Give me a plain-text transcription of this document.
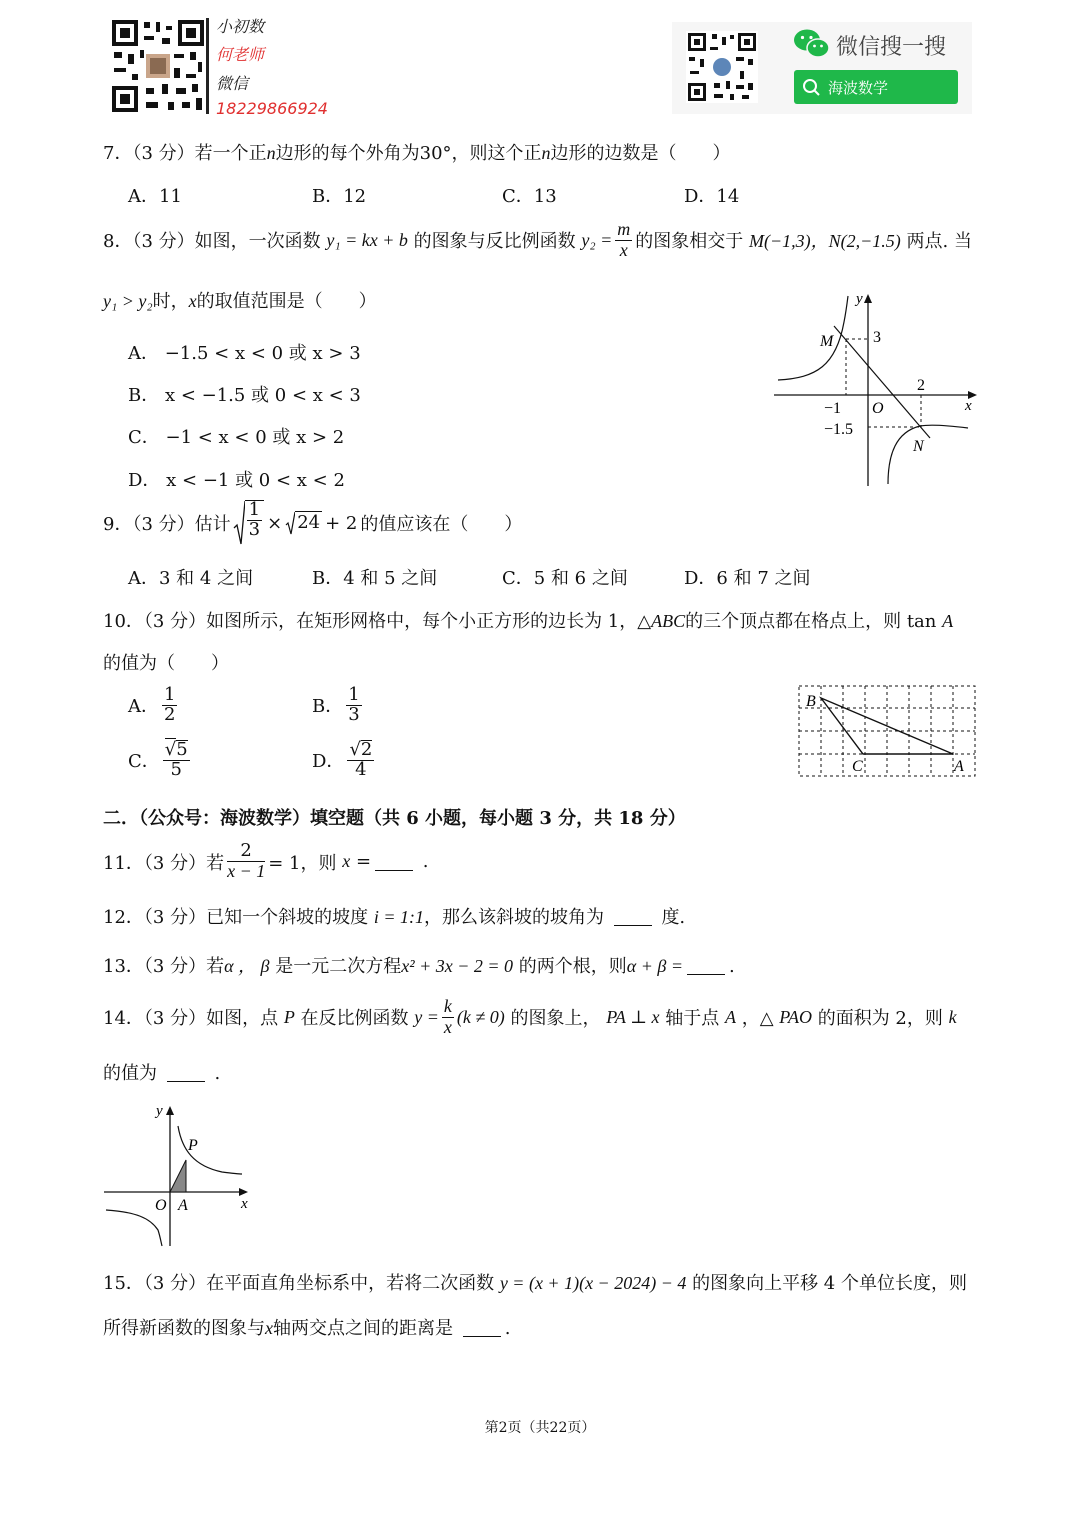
小初数
何老师
微信
18229866924
微信搜一搜
海波数学
7．（3 分）若一个正n边形的每个外角为30°，则这个正n边形的边数是（　　）
A．11	B．12	C．13	D．14
8．（3 分）如图，一次函数
y₁ = kx + b
的图象与反比例函数
$y_2 = \frac{m}{x}$ 的图象相交于
M(−1,3)，N(2,−1.5)
两点. 当
y₁ > y₂时，x的取值范围是（　　）
A． −1.5 < x < 0 或 x > 3
B． x < −1.5 或 0 < x < 3
C． −1 < x < 0 或 x > 2
D． x < −1 或 0 < x < 2
y
x
O
M
N
3
2
−1
−1.5
9．（3 分）估计 $\frac{1}{3} \times 24 + 2$ 的值应该在（　　）
A．3 和 4 之间	B．4 和 5 之间	C．5 和 6 之间	D．6 和 7 之间
10．（3 分）如图所示，在矩形网格中，每个小正方形的边长为 1，△ABC的三个顶点都在格点上，则 tan A
的值为（　　）
A． $\frac{1}{2}$	B． $\frac{1}{3}$
C． $\frac{√5}{5}$	D． $\frac{√2}{4}$
B
C	A
二．（公众号：海波数学）填空题（共 6 小题，每小题 3 分，共 18 分）
11．（3 分）若 $\frac{2}{x - 1} = 1$，则
x
=
	.
12．（3 分）已知一个斜坡的坡度 i = 1:1，那么该斜坡的坡角为	度.
13．（3 分）若α ， β 是一元二次方程x² + 3x − 2 = 0 的两个根，则α + β =	.
14．（3 分）如图，点
P
在反比例函数
$y = \frac{k}{x} (k \ne 0)$
的图象上，
PA ⊥ x
轴于点
A
，△
PAO
的面积为 2，则
k
的值为	.
y
x
P
O A
15．（3 分）在平面直角坐标系中，若将二次函数 y = (x + 1)(x − 2024) − 4 的图象向上平移 4 个单位长度，则
所得新函数的图象与x轴两交点之间的距离是	.
第2页（共22页）
